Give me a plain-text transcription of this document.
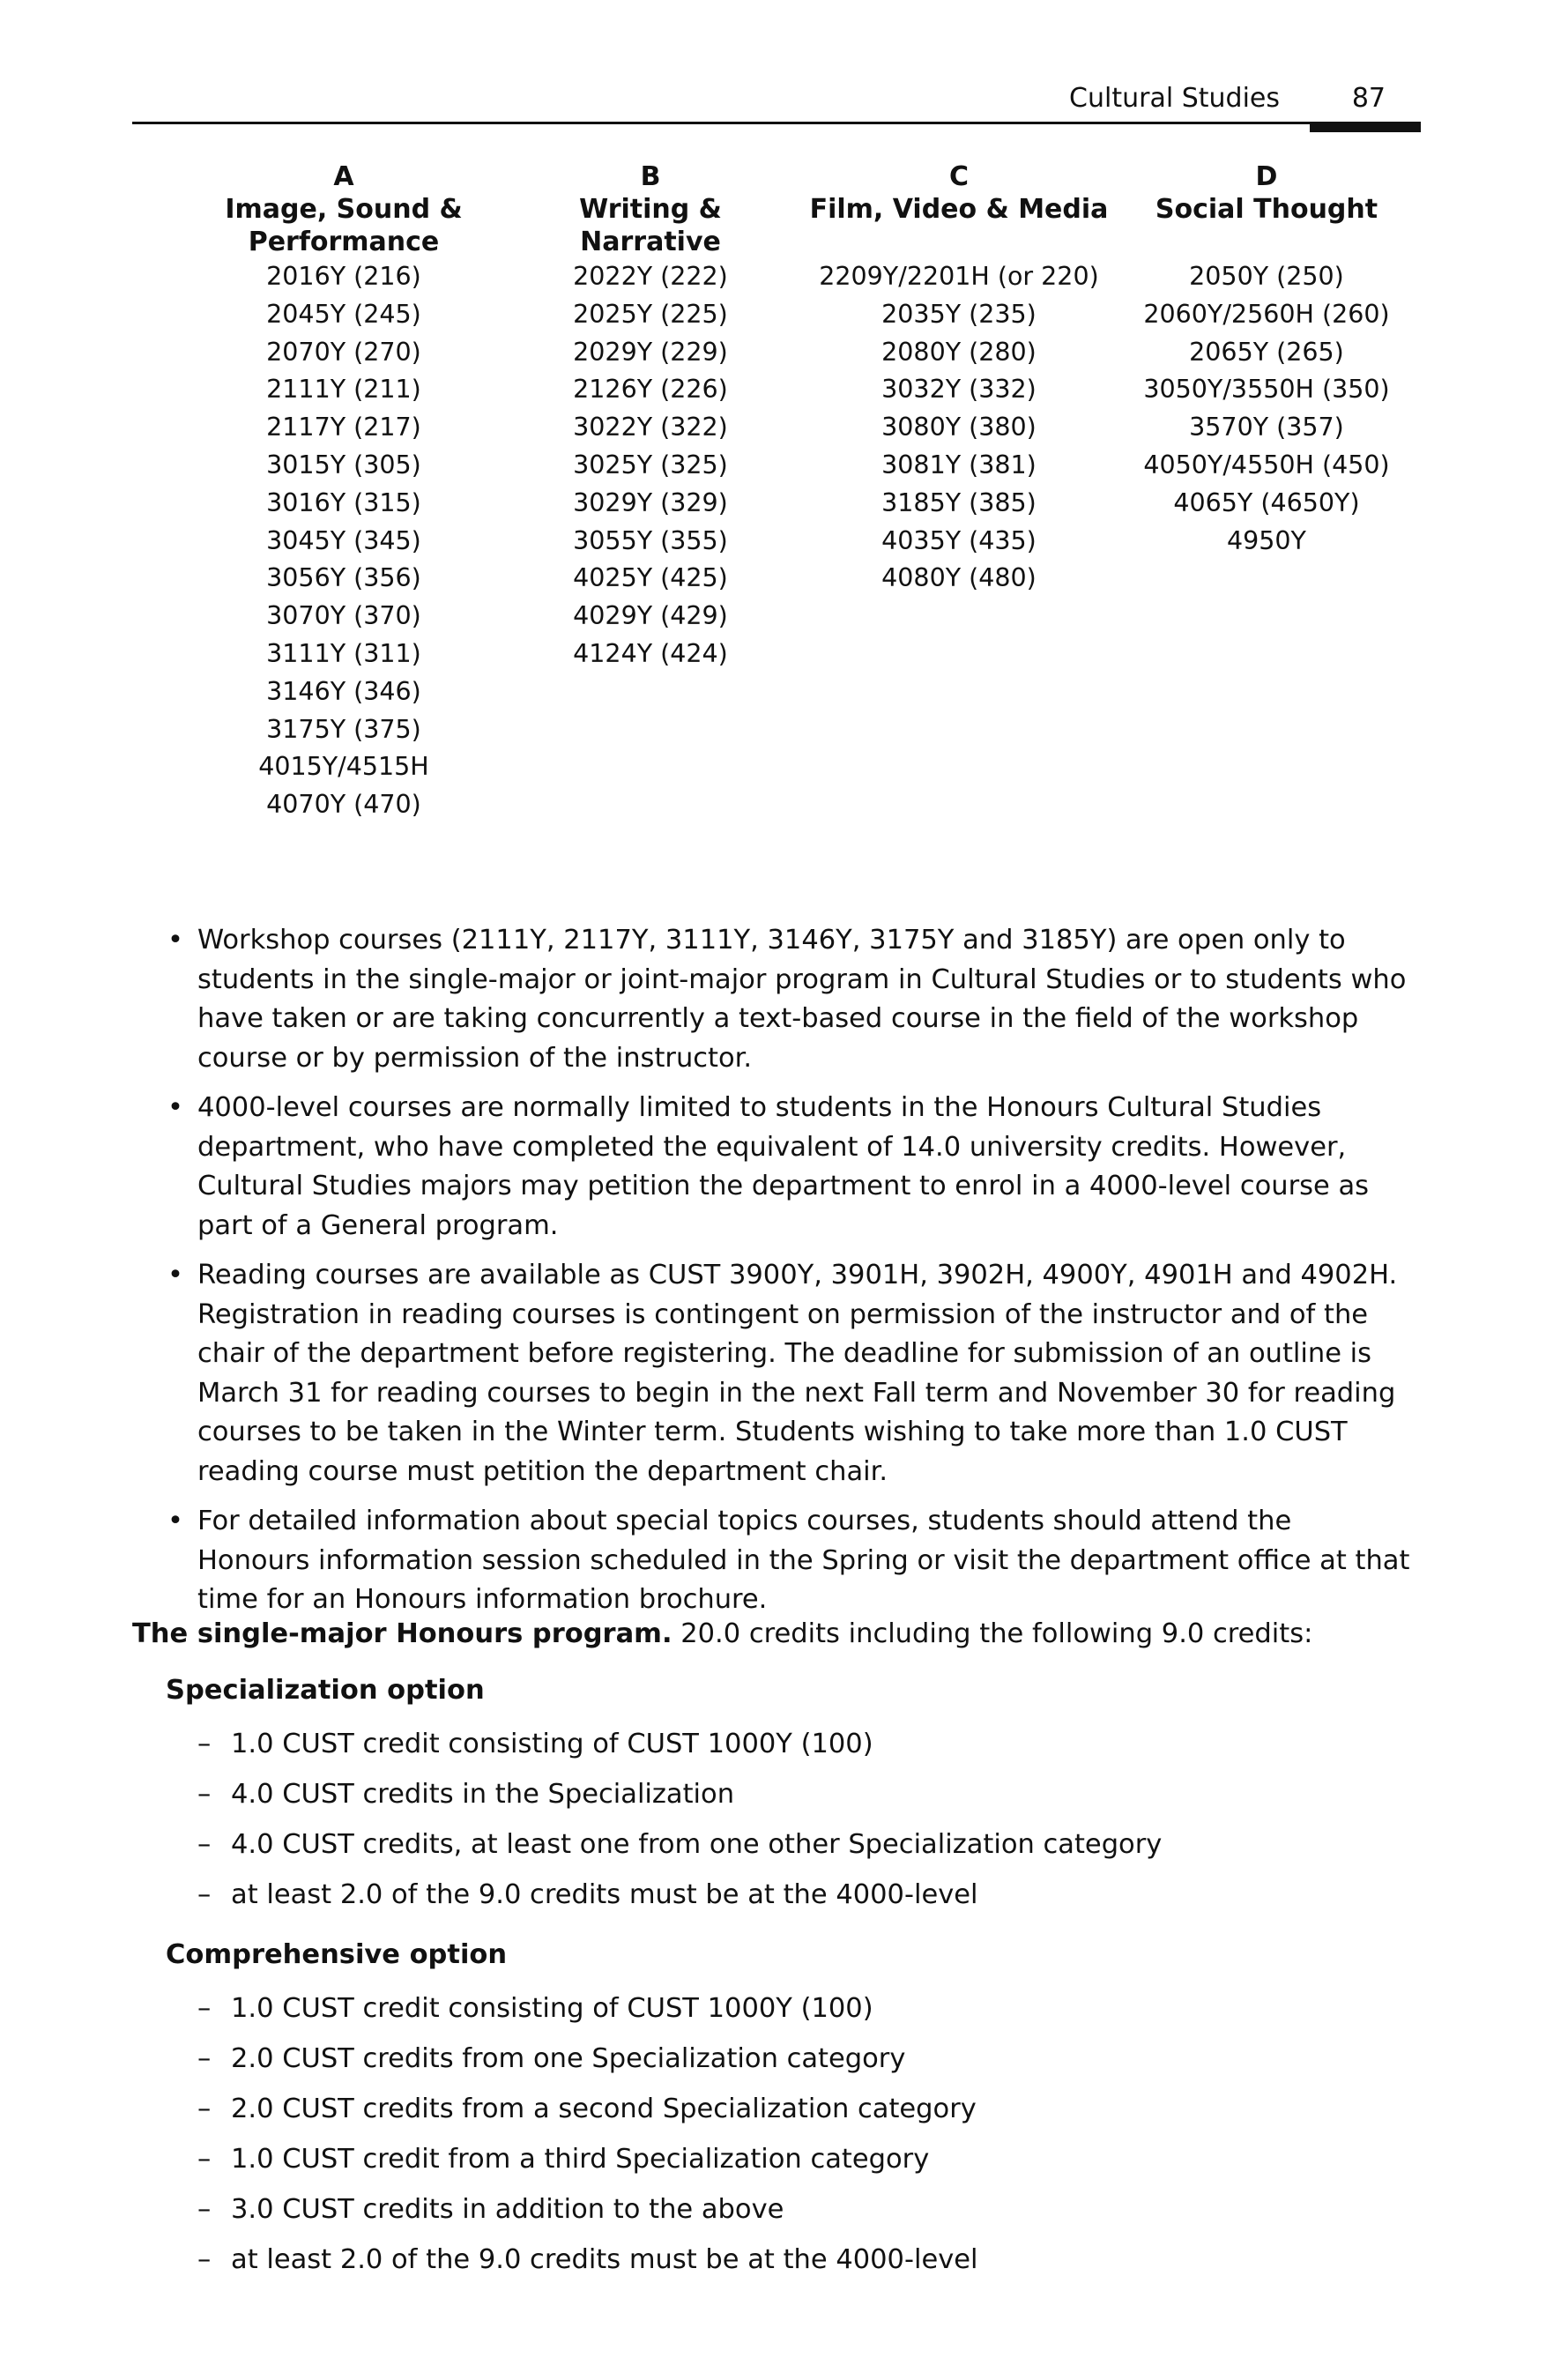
Cultural Studies	87
A
Image, Sound &
Performance
2016Y (216)
2045Y (245)
2070Y (270)
2111Y (211)
2117Y (217)
3015Y (305)
3016Y (315)
3045Y (345)
3056Y (356)
3070Y (370)
3111Y (311)
3146Y (346)
3175Y (375)
4015Y/4515H
4070Y (470)
B
Writing &
Narrative
2022Y (222)
2025Y (225)
2029Y (229)
2126Y (226)
3022Y (322)
3025Y (325)
3029Y (329)
3055Y (355)
4025Y (425)
4029Y (429)
4124Y (424)
C
Film, Video & Media
2209Y/2201H (or 220)
2035Y (235)
2080Y (280)
3032Y (332)
3080Y (380)
3081Y (381)
3185Y (385)
4035Y (435)
4080Y (480)
D
Social Thought
2050Y (250)
2060Y/2560H (260)
2065Y (265)
3050Y/3550H (350)
3570Y (357)
4050Y/4550H (450)
4065Y (4650Y)
4950Y
• Workshop courses (2111Y, 2117Y, 3111Y, 3146Y, 3175Y and 3185Y) are open only to students in the single-major or joint-major program in Cultural Studies or to students who have taken or are taking concurrently a text-based course in the field of the workshop course or by permission of the instructor.
• 4000-level courses are normally limited to students in the Honours Cultural Studies department, who have completed the equivalent of 14.0 university credits. However, Cultural Studies majors may petition the department to enrol in a 4000-level course as part of a General program.
• Reading courses are available as CUST 3900Y, 3901H, 3902H, 4900Y, 4901H and 4902H. Registration in reading courses is contingent on permission of the instructor and of the chair of the department before registering. The deadline for submission of an outline is March 31 for reading courses to begin in the next Fall term and November 30 for reading courses to be taken in the Winter term. Students wishing to take more than 1.0 CUST reading course must petition the department chair.
• For detailed information about special topics courses, students should attend the Honours information session scheduled in the Spring or visit the department office at that time for an Honours information brochure.

The single-major Honours program. 20.0 credits including the following 9.0 credits:

Specialization option
– 1.0 CUST credit consisting of CUST 1000Y (100)
– 4.0 CUST credits in the Specialization
– 4.0 CUST credits, at least one from one other Specialization category
– at least 2.0 of the 9.0 credits must be at the 4000-level
Comprehensive option
– 1.0 CUST credit consisting of CUST 1000Y (100)
– 2.0 CUST credits from one Specialization category
– 2.0 CUST credits from a second Specialization category
– 1.0 CUST credit from a third Specialization category
– 3.0 CUST credits in addition to the above
– at least 2.0 of the 9.0 credits must be at the 4000-level
